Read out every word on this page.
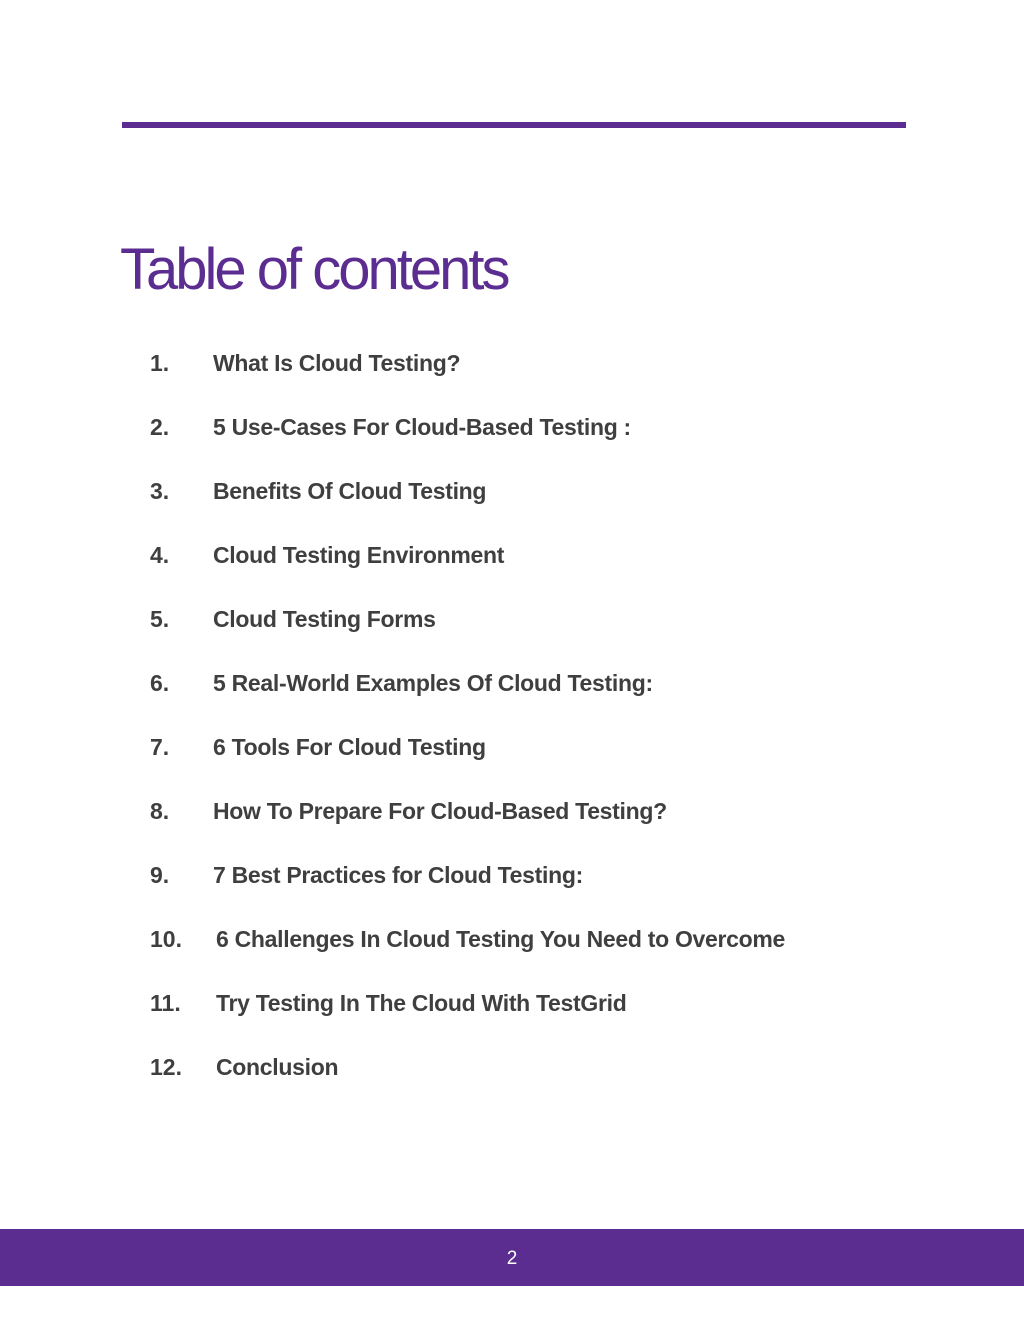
Table of contents
1. What Is Cloud Testing?
2. 5 Use-Cases For Cloud-Based Testing :
3. Benefits Of Cloud Testing
4. Cloud Testing Environment
5. Cloud Testing Forms
6. 5 Real-World Examples Of Cloud Testing:
7. 6 Tools For Cloud Testing
8. How To Prepare For Cloud-Based Testing?
9. 7 Best Practices for Cloud Testing:
10. 6 Challenges In Cloud Testing You Need to Overcome
11. Try Testing In The Cloud With TestGrid
12. Conclusion
2
